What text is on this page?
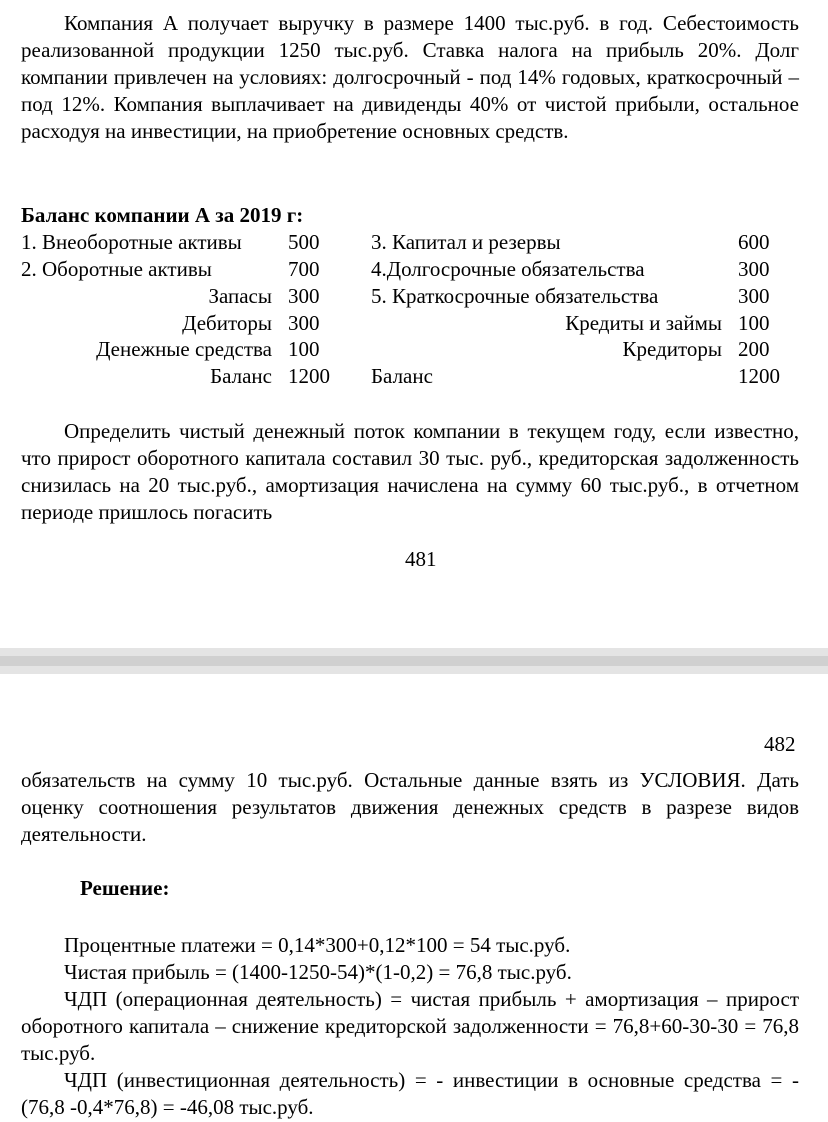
Компания А получает выручку в размере 1400 тыс.руб. в год. Себестоимость реализованной продукции 1250 тыс.руб. Ставка налога на прибыль 20%. Долг компании привлечен на условиях: долгосрочный - под 14% годовых, краткосрочный – под 12%. Компания выплачивает на дивиденды 40% от чистой прибыли, остальное расходуя на инвестиции, на приобретение основных средств.
Баланс компании А за 2019 г:
1. Внеоборотные активы 500 3. Капитал и резервы	600
2. Оборотные активы	700 4.Долгосрочные обязательства	300
Запасы 300 5. Краткосрочные обязательства	300
Дебиторы 300	Кредиты и займы 100
Денежные средства 100	Кредиторы 200
Баланс 1200 Баланс	1200
Определить чистый денежный поток компании в текущем году, если известно, что прирост оборотного капитала составил 30 тыс. руб., кредиторская задолженность снизилась на 20 тыс.руб., амортизация начислена на сумму 60 тыс.руб., в отчетном периоде пришлось погасить
481
482
обязательств на сумму 10 тыс.руб. Остальные данные взять из УСЛОВИЯ. Дать оценку соотношения результатов движения денежных средств в разрезе видов деятельности.
Решение:
Процентные платежи = 0,14*300+0,12*100 = 54 тыс.руб.
Чистая прибыль = (1400-1250-54)*(1-0,2) = 76,8 тыс.руб.
ЧДП (операционная деятельность) = чистая прибыль + амортизация – прирост оборотного капитала – снижение кредиторской задолженности = 76,8+60-30-30 = 76,8 тыс.руб.
ЧДП (инвестиционная деятельность) = - инвестиции в основные средства = - (76,8 -0,4*76,8) = -46,08 тыс.руб.
